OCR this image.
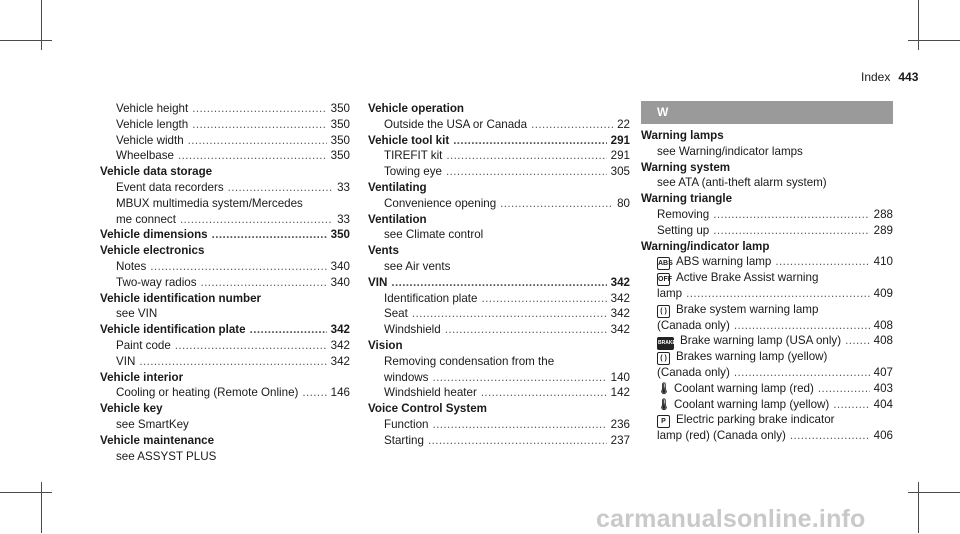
Index 443
Vehicle height .....	350
Vehicle length .....	350
Vehicle width .....	350
Wheelbase .....	350
Vehicle data storage
Event data recorders .....	33
MBUX multimedia system/Mercedes
me connect .....	33
Vehicle dimensions .....	350
Vehicle electronics
Notes .....	340
Two-way radios .....	340
Vehicle identification number
see VIN
Vehicle identification plate .....	342
Paint code .....	342
VIN .....	342
Vehicle interior
Cooling or heating (Remote Online) .....	146
Vehicle key
see SmartKey
Vehicle maintenance
see ASSYST PLUS
Vehicle operation
Outside the USA or Canada .....	22
Vehicle tool kit .....	291
TIREFIT kit .....	291
Towing eye .....	305
Ventilating
Convenience opening .....	80
Ventilation
see Climate control
Vents
see Air vents
VIN .....	342
Identification plate .....	342
Seat .....	342
Windshield .....	342
Vision
Removing condensation from the
windows .....	140
Windshield heater .....	142
Voice Control System
Function .....	236
Starting .....	237
W
Warning lamps
see Warning/indicator lamps
Warning system
see ATA (anti-theft alarm system)
Warning triangle
Removing .....	288
Setting up .....	289
Warning/indicator lamp
ABS ABS warning lamp .....	410
OFF Active Brake Assist warning
lamp .....	409
( ) Brake system warning lamp
(Canada only) .....	408
BRAKE Brake warning lamp (USA only) .....	408
( ) Brakes warning lamp (yellow)
(Canada only) .....	407
🌡 Coolant warning lamp (red) .....	403
🌡 Coolant warning lamp (yellow) .....	404
P Electric parking brake indicator
lamp (red) (Canada only) .....	406
carmanualsonline.info
